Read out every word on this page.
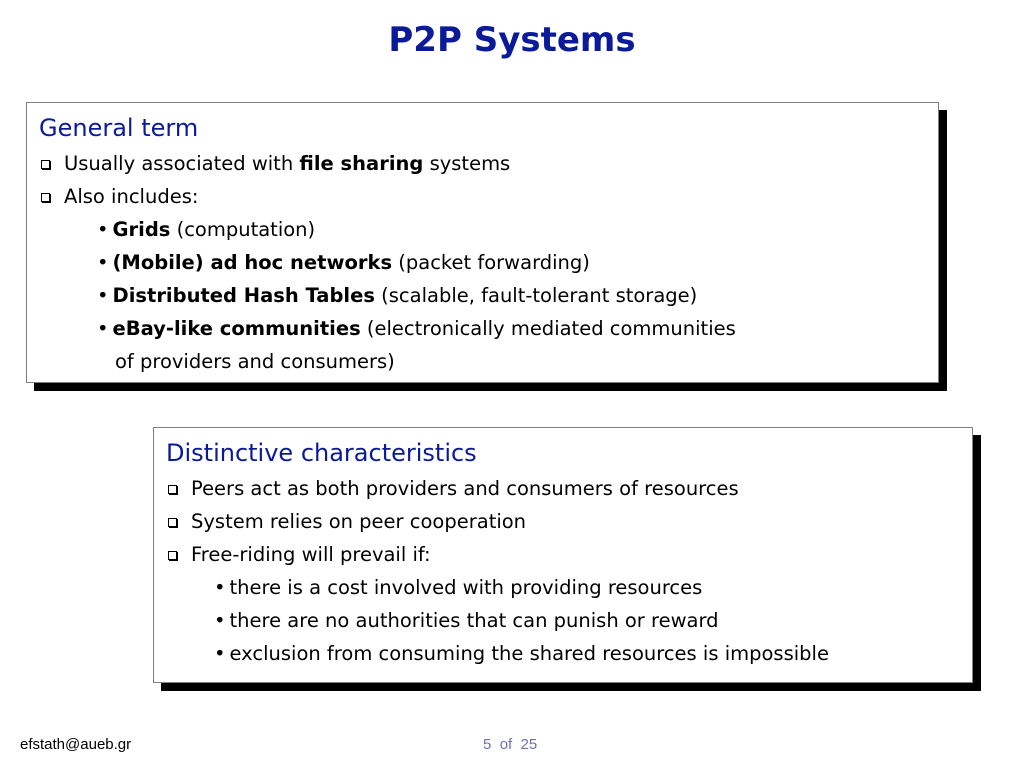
P2P Systems
General term
Usually associated with file sharing systems
Also includes:
• Grids (computation)
• (Mobile) ad hoc networks (packet forwarding)
• Distributed Hash Tables (scalable, fault-tolerant storage)
• eBay-like communities (electronically mediated communities
of providers and consumers)
Distinctive characteristics
Peers act as both providers and consumers of resources
System relies on peer cooperation
Free-riding will prevail if:
• there is a cost involved with providing resources
• there are no authorities that can punish or reward
• exclusion from consuming the shared resources is impossible
efstath@aueb.gr	5 of 25
